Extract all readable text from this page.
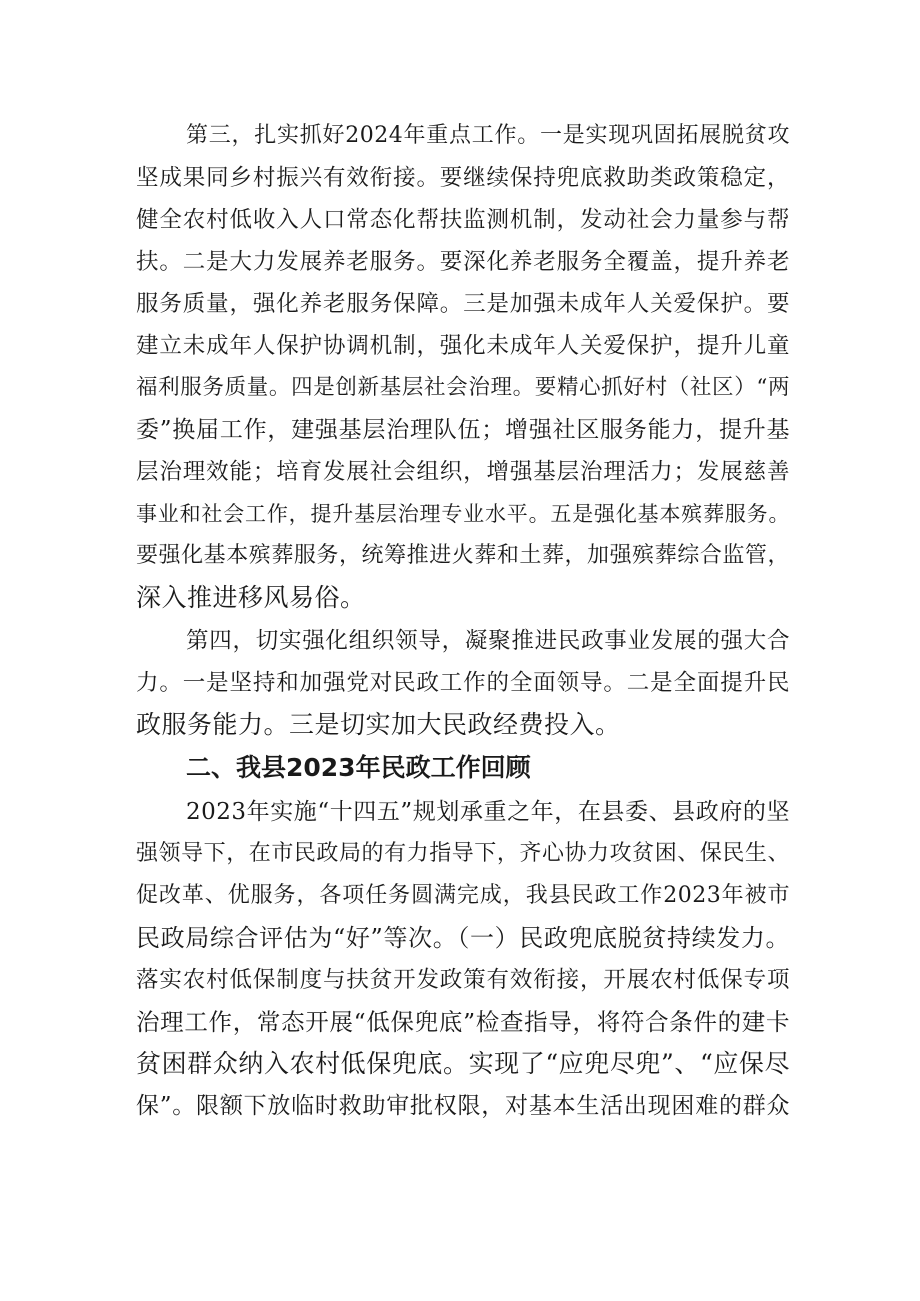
第三，扎实抓好2024年重点工作。一是实现巩固拓展脱贫攻
坚成果同乡村振兴有效衔接。要继续保持兜底救助类政策稳定，
健全农村低收入人口常态化帮扶监测机制，发动社会力量参与帮
扶。二是大力发展养老服务。要深化养老服务全覆盖，提升养老
服务质量，强化养老服务保障。三是加强未成年人关爱保护。要
建立未成年人保护协调机制，强化未成年人关爱保护，提升儿童
福利服务质量。四是创新基层社会治理。要精心抓好村（社区）“两
委”换届工作，建强基层治理队伍；增强社区服务能力，提升基
层治理效能；培育发展社会组织，增强基层治理活力；发展慈善
事业和社会工作，提升基层治理专业水平。五是强化基本殡葬服务。
要强化基本殡葬服务，统筹推进火葬和土葬，加强殡葬综合监管，
深入推进移风易俗。
第四，切实强化组织领导，凝聚推进民政事业发展的强大合
力。一是坚持和加强党对民政工作的全面领导。二是全面提升民
政服务能力。三是切实加大民政经费投入。
二、我县2023年民政工作回顾
2023年实施“十四五”规划承重之年，在县委、县政府的坚
强领导下，在市民政局的有力指导下，齐心协力攻贫困、保民生、
促改革、优服务，各项任务圆满完成，我县民政工作2023年被市
民政局综合评估为“好”等次。（一）民政兜底脱贫持续发力。
落实农村低保制度与扶贫开发政策有效衔接，开展农村低保专项
治理工作，常态开展“低保兜底”检查指导，将符合条件的建卡
贫困群众纳入农村低保兜底。实现了“应兜尽兜”、“应保尽
保”。限额下放临时救助审批权限，对基本生活出现困难的群众
